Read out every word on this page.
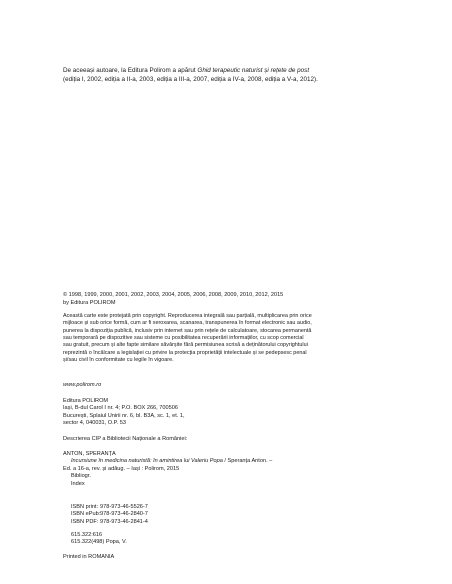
De aceeași autoare, la Editura Polirom a apărut Ghid terapeutic naturist și rețete de post
(ediția I, 2002, ediția a II-a, 2003, ediția a III-a, 2007, ediția a IV-a, 2008, ediția a V-a, 2012).
© 1998, 1999, 2000, 2001, 2002, 2003, 2004, 2005, 2006, 2008, 2009, 2010, 2012, 2015
by Editura POLIROM
Această carte este protejată prin copyright. Reproducerea integrală sau parțială, multiplicarea prin orice
mijloace și sub orice formă, cum ar fi xeroxarea, scanarea, transpunerea în format electronic sau audio,
punerea la dispoziția publică, inclusiv prin internet sau prin rețele de calculatoare, stocarea permanentă
sau temporară pe dispozitive sau sisteme cu posibilitatea recuperării informațiilor, cu scop comercial
sau gratuit, precum și alte fapte similare săvârșite fără permisiunea scrisă a deținătorului copyrightului
reprezintă o încălcare a legislației cu privire la protecția proprietății intelectuale și se pedepsesc penal
și/sau civil în conformitate cu legile în vigoare.
www.polirom.ro
Editura POLIROM
Iași, B-dul Carol I nr. 4; P.O. BOX 266, 700506
București, Splaiul Unirii nr. 6, bl. B3A, sc. 1, et. 1,
sector 4, 040031, O.P. 53
Descrierea CIP a Bibliotecii Naționale a României:
ANTON, SPERANȚA
Incursiune în medicina naturistă: în amintirea lui Valeriu Popa / Speranța Anton. –
Ed. a 16-a, rev. și adăug. – Iași : Polirom, 2015
Bibliogr.
Index
ISBN print: 978-973-46-5526-7
ISBN ePub:978-973-46-2840-7
ISBN PDF: 978-973-46-2841-4
615.322:616
615.322(498) Popa, V.
Printed in ROMANIA
